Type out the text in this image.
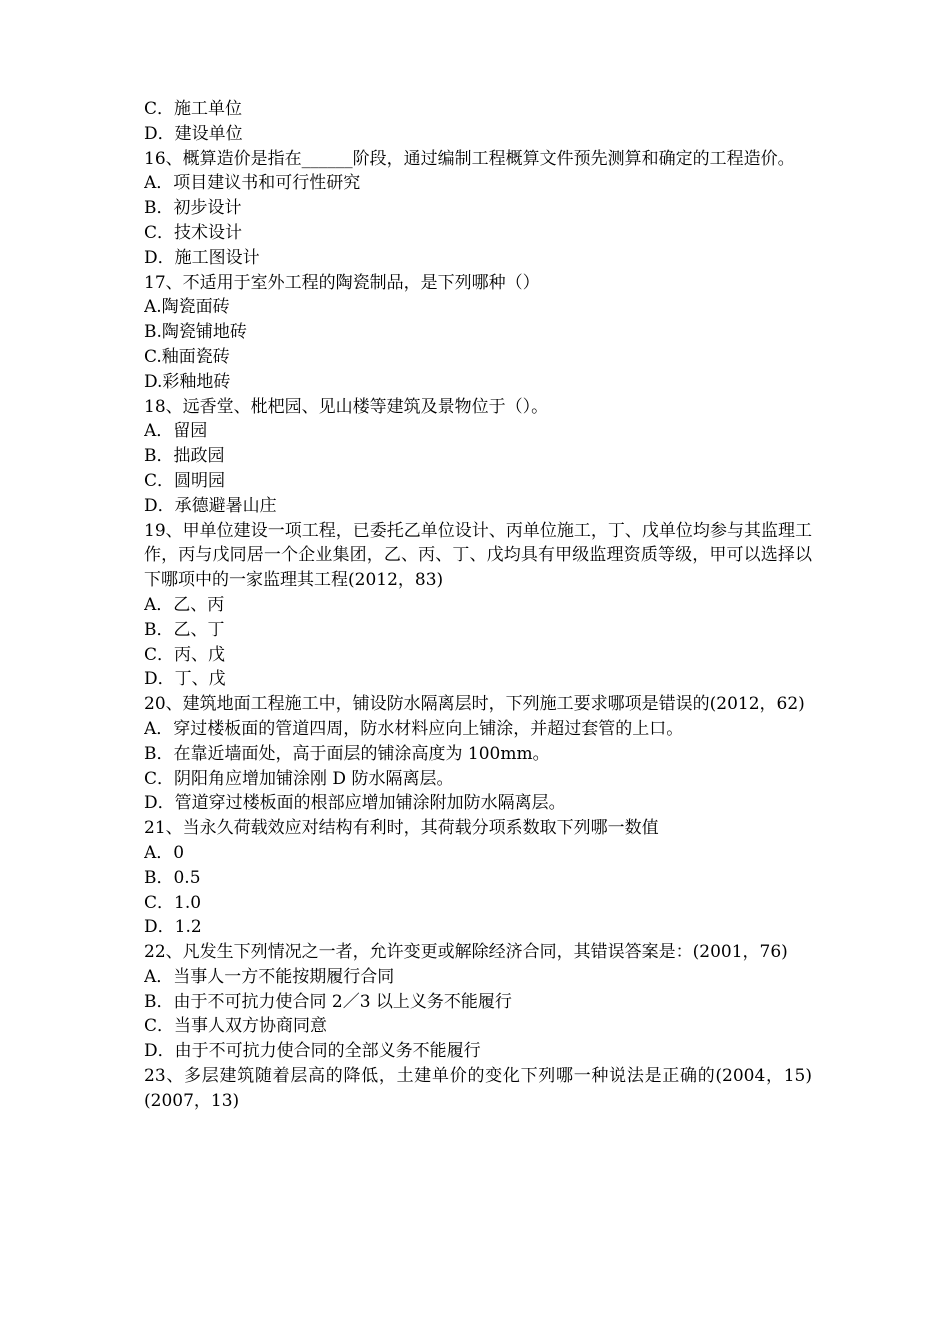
C．施工单位
D．建设单位
16、概算造价是指在______阶段，通过编制工程概算文件预先测算和确定的工程造价。
A．项目建议书和可行性研究
B．初步设计
C．技术设计
D．施工图设计
17、不适用于室外工程的陶瓷制品，是下列哪种（）
A.陶瓷面砖
B.陶瓷铺地砖
C.釉面瓷砖
D.彩釉地砖
18、远香堂、枇杷园、见山楼等建筑及景物位于（）。
A．留园
B．拙政园
C．圆明园
D．承德避暑山庄
19、甲单位建设一项工程，已委托乙单位设计、丙单位施工，丁、戊单位均参与其监理工作，丙与戊同居一个企业集团，乙、丙、丁、戊均具有甲级监理资质等级，甲可以选择以下哪项中的一家监理其工程(2012，83)
A．乙、丙
B．乙、丁
C．丙、戊
D．丁、戊
20、建筑地面工程施工中，铺设防水隔离层时，下列施工要求哪项是错误的(2012，62)
A．穿过楼板面的管道四周，防水材料应向上铺涂，并超过套管的上口。
B．在靠近墙面处，高于面层的铺涂高度为 100mm。
C．阴阳角应增加铺涂刚 D 防水隔离层。
D．管道穿过楼板面的根部应增加铺涂附加防水隔离层。
21、当永久荷载效应对结构有利时，其荷载分项系数取下列哪一数值
A．0
B．0.5
C．1.0
D．1.2
22、凡发生下列情况之一者，允许变更或解除经济合同，其错误答案是：(2001，76)
A．当事人一方不能按期履行合同
B．由于不可抗力使合同 2／3 以上义务不能履行
C．当事人双方协商同意
D．由于不可抗力使合同的全部义务不能履行
23、多层建筑随着层高的降低，土建单价的变化下列哪一种说法是正确的(2004，15)(2007，13)
